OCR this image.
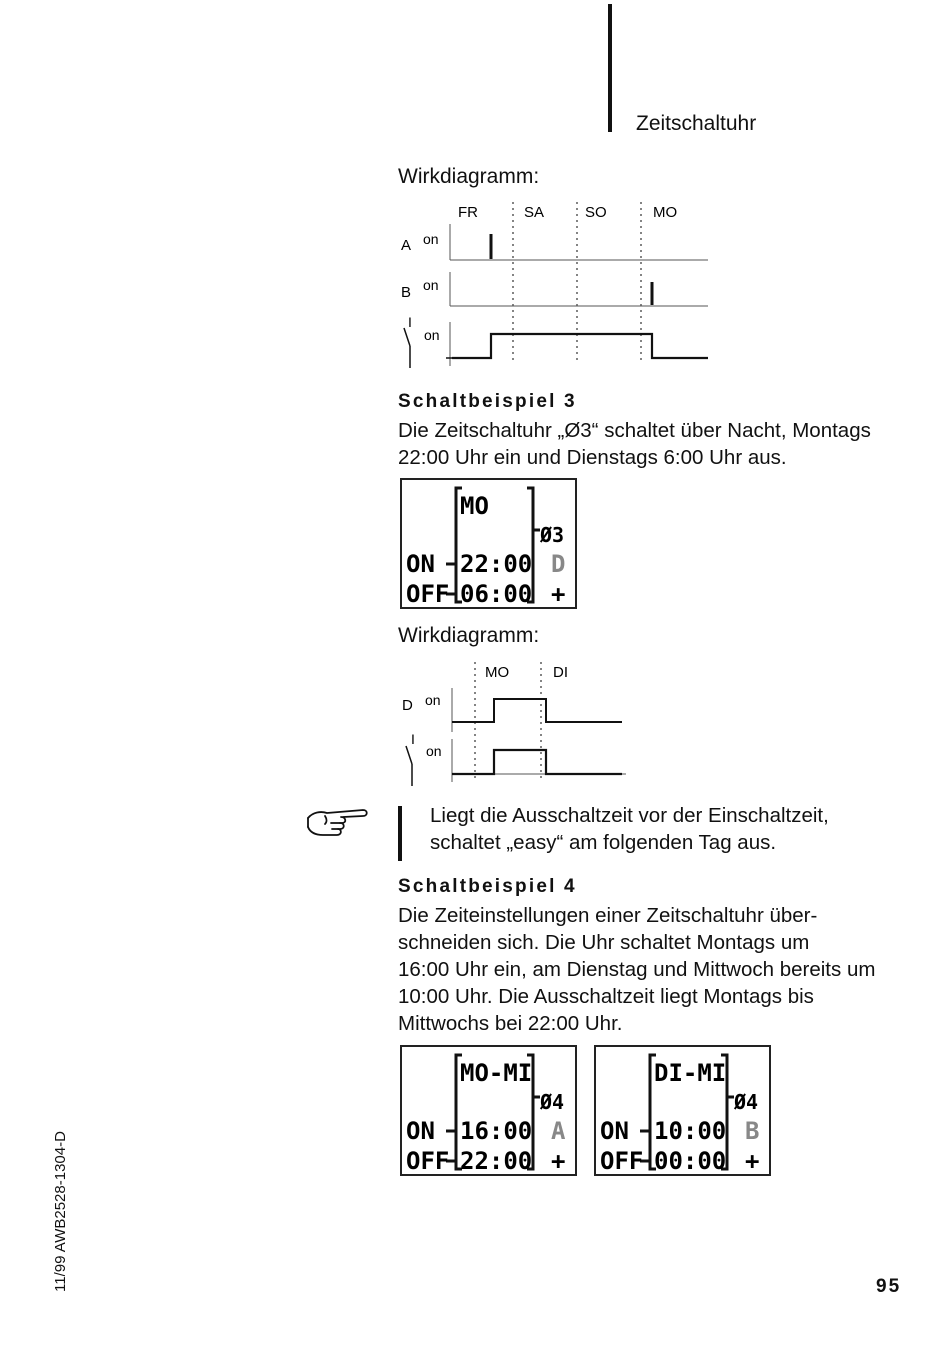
Zeitschaltuhr
Wirkdiagramm:
FR	SA	SO	MO
A on
B on
I
on
Schaltbeispiel 3
Die Zeitschaltuhr „Ø3“ schaltet über Nacht, Montags
22:00 Uhr ein und Dienstags 6:00 Uhr aus.
MO
Ø3
ON 22:00 D
OFF 06:00 +
Wirkdiagramm:
MO	DI
D on
I
on
Liegt die Ausschaltzeit vor der Einschaltzeit,
schaltet „easy“ am folgenden Tag aus.
Schaltbeispiel 4
Die Zeiteinstellungen einer Zeitschaltuhr über-
schneiden sich. Die Uhr schaltet Montags um
16:00 Uhr ein, am Dienstag und Mittwoch bereits um
10:00 Uhr. Die Ausschaltzeit liegt Montags bis
Mittwochs bei 22:00 Uhr.
MO-MI
Ø4
ON 16:00 A
OFF 22:00 +
DI-MI
Ø4
ON 10:00 B
OFF 00:00 +
11/99 AWB2528-1304-D	95
